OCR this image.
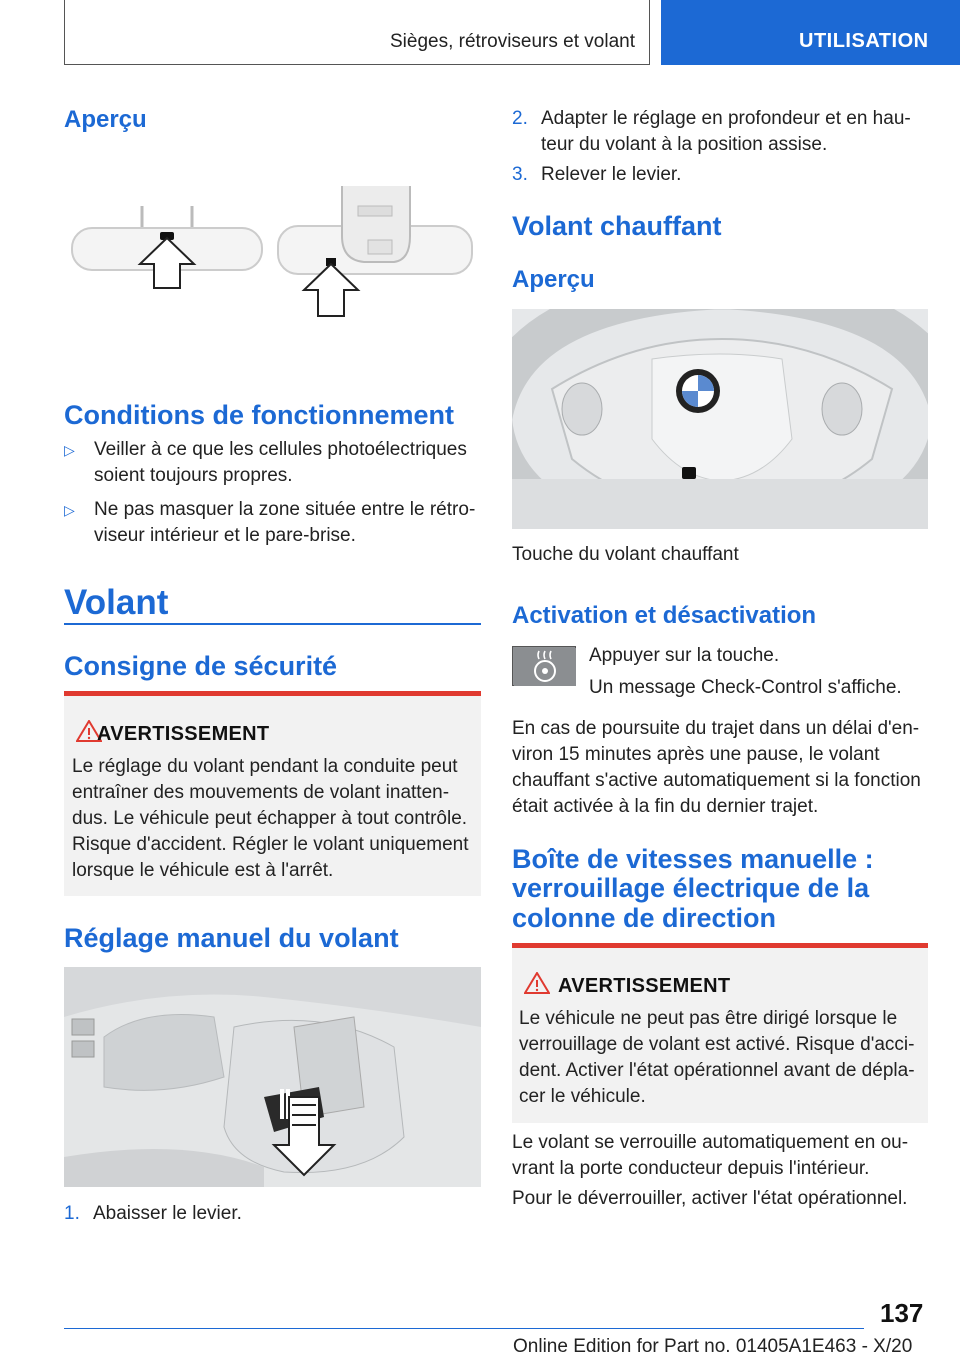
Sièges, rétroviseurs et volant	UTILISATION
Aperçu
Conditions de fonctionnement
▷ Veiller à ce que les cellules photoélectriques soient toujours propres.
▷ Ne pas masquer la zone située entre le rétroviseur intérieur et le pare-brise.
Volant
Consigne de sécurité
AVERTISSEMENT
Le réglage du volant pendant la conduite peut entraîner des mouvements de volant inattendus. Le véhicule peut échapper à tout contrôle. Risque d'accident. Régler le volant uniquement lorsque le véhicule est à l'arrêt.
Réglage manuel du volant
1. Abaisser le levier.
2. Adapter le réglage en profondeur et en hauteur du volant à la position assise.
3. Relever le levier.
Volant chauffant
Aperçu
Touche du volant chauffant
Activation et désactivation
Appuyer sur la touche.
Un message Check-Control s'affiche.
En cas de poursuite du trajet dans un délai d'environ 15 minutes après une pause, le volant chauffant s'active automatiquement si la fonction était activée à la fin du dernier trajet.
Boîte de vitesses manuelle :
verrouillage électrique de la
colonne de direction
AVERTISSEMENT
Le véhicule ne peut pas être dirigé lorsque le verrouillage de volant est activé. Risque d'accident. Activer l'état opérationnel avant de déplacer le véhicule.
Le volant se verrouille automatiquement en ouvrant la porte conducteur depuis l'intérieur.
Pour le déverrouiller, activer l'état opérationnel.
137
Online Edition for Part no. 01405A1E463 - X/20
